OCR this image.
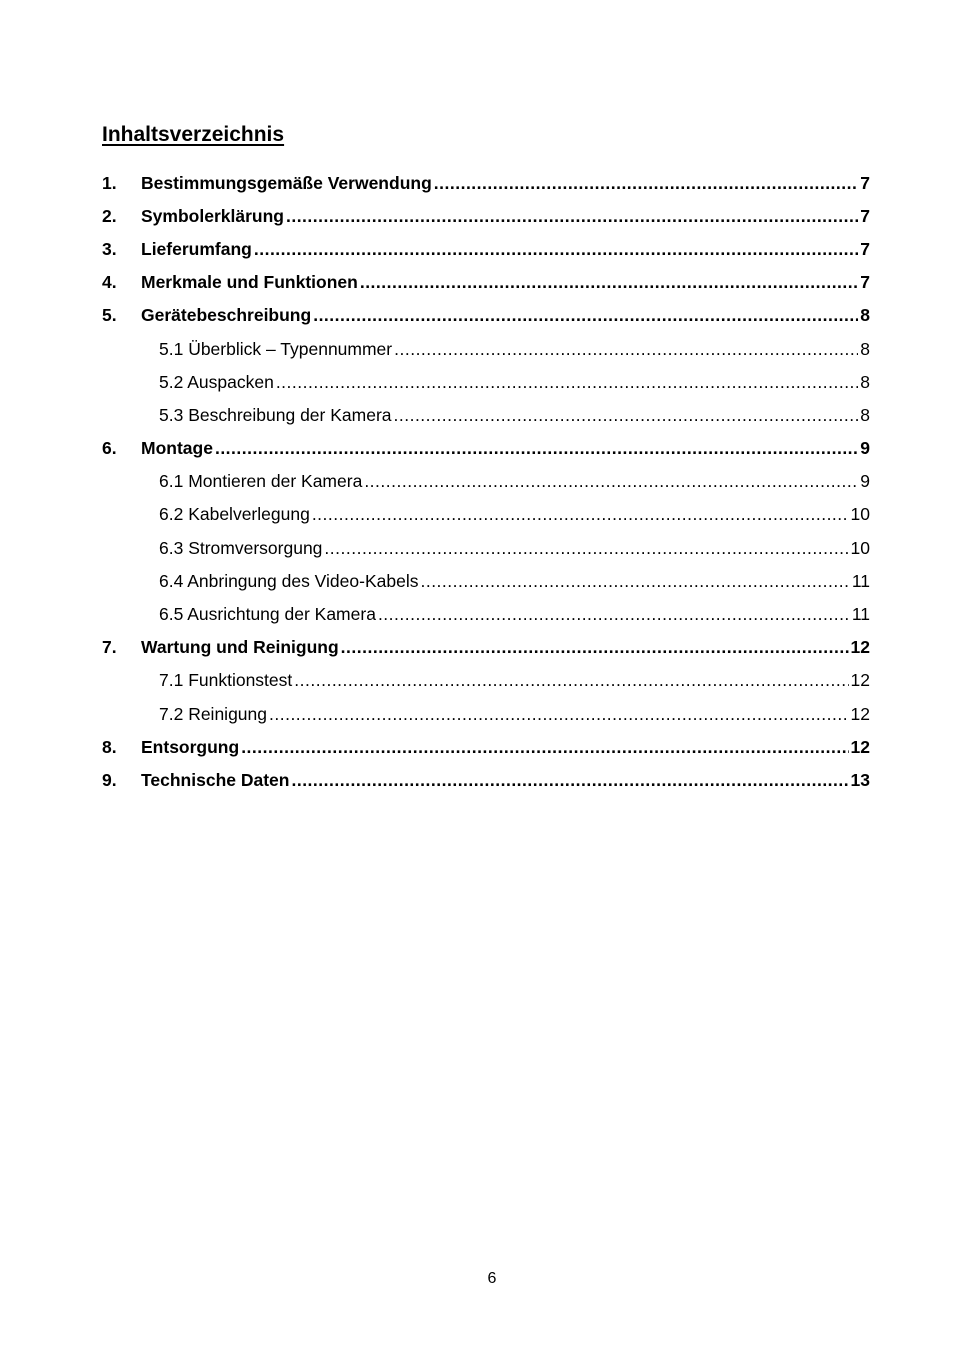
Inhaltsverzeichnis
1.	Bestimmungsgemäße Verwendung .....	7
2.	Symbolerklärung .....	7
3.	Lieferumfang .....	7
4.	Merkmale und Funktionen .....	7
5.	Gerätebeschreibung .....	8
5.1 Überblick – Typennummer .....	8
5.2 Auspacken .....	8
5.3 Beschreibung der Kamera .....	8
6.	Montage .....	9
6.1 Montieren der Kamera .....	9
6.2 Kabelverlegung .....	10
6.3 Stromversorgung .....	10
6.4 Anbringung des Video-Kabels .....	11
6.5 Ausrichtung der Kamera .....	11
7.	Wartung und Reinigung .....	12
7.1 Funktionstest .....	12
7.2 Reinigung .....	12
8.	Entsorgung .....	12
9.	Technische Daten .....	13

6
